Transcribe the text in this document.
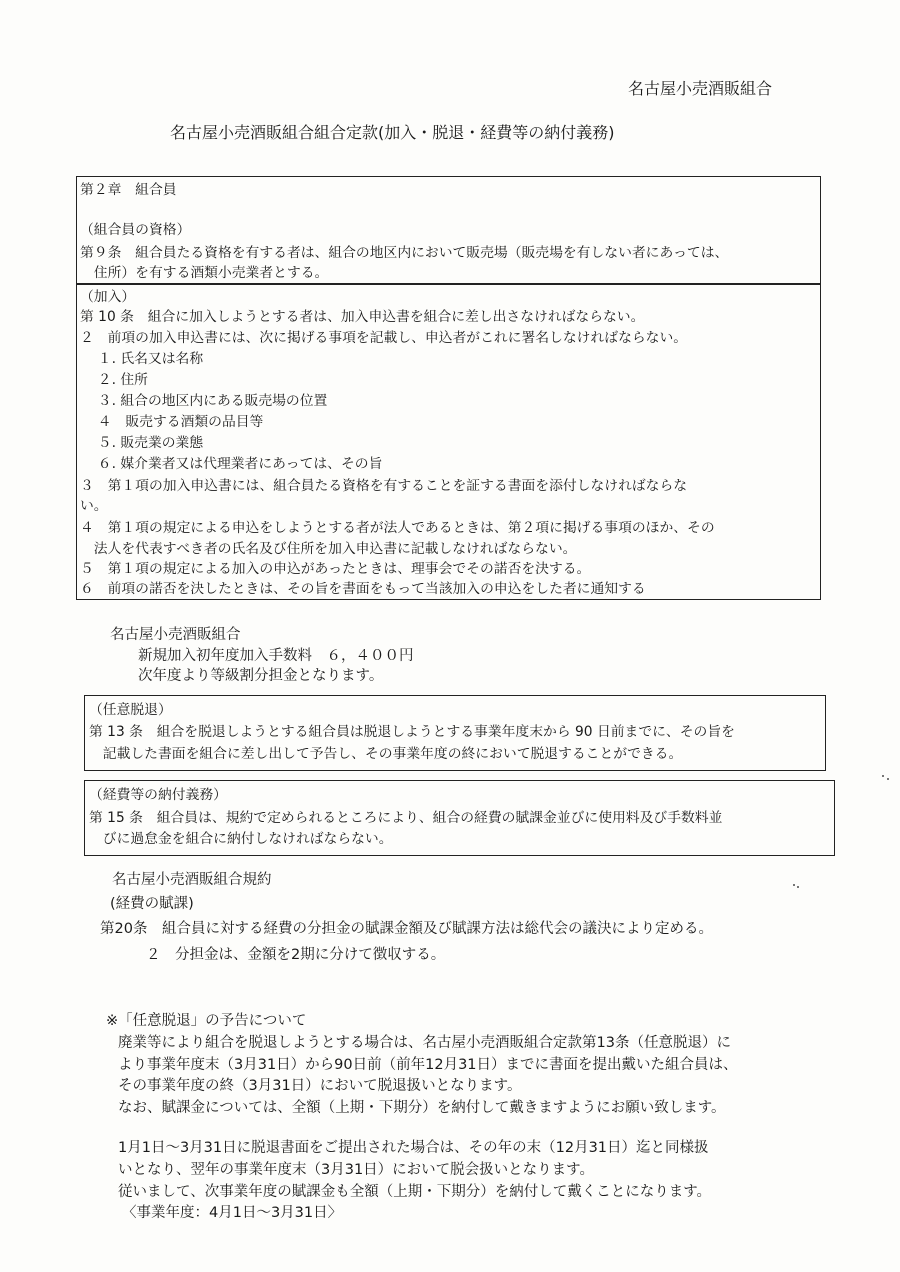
名古屋小売酒販組合
名古屋小売酒販組合組合定款(加入・脱退・経費等の納付義務)
第２章　組合員
（組合員の資格）
第９条　組合員たる資格を有する者は、組合の地区内において販売場（販売場を有しない者にあっては、
　住所）を有する酒類小売業者とする。
（加入）
第 10 条　組合に加入しようとする者は、加入申込書を組合に差し出さなければならない。
２　前項の加入申込書には、次に掲げる事項を記載し、申込者がこれに署名しなければならない。
　１. 氏名又は名称
　２. 住所
　３. 組合の地区内にある販売場の位置
　４　販売する酒類の品目等
　５. 販売業の業態
　６. 媒介業者又は代理業者にあっては、その旨
３　第１項の加入申込書には、組合員たる資格を有することを証する書面を添付しなければならな
い。
４　第１項の規定による申込をしようとする者が法人であるときは、第２項に掲げる事項のほか、その
　法人を代表すべき者の氏名及び住所を加入申込書に記載しなければならない。
５　第１項の規定による加入の申込があったときは、理事会でその諾否を決する。
６　前項の諾否を決したときは、その旨を書面をもって当該加入の申込をした者に通知する
名古屋小売酒販組合
新規加入初年度加入手数料　６，４００円
次年度より等級割分担金となります。
（任意脱退）
第 13 条　組合を脱退しようとする組合員は脱退しようとする事業年度末から 90 日前までに、その旨を
　記載した書面を組合に差し出して予告し、その事業年度の終において脱退することができる。
（経費等の納付義務）
第 15 条　組合員は、規約で定められるところにより、組合の経費の賦課金並びに使用料及び手数料並
　びに過怠金を組合に納付しなければならない。
名古屋小売酒販組合規約
(経費の賦課)
第20条　組合員に対する経費の分担金の賦課金額及び賦課方法は総代会の議決により定める。
２　分担金は、金額を2期に分けて徴収する。
※「任意脱退」の予告について
廃業等により組合を脱退しようとする場合は、名古屋小売酒販組合定款第13条（任意脱退）に
より事業年度末（3月31日）から90日前（前年12月31日）までに書面を提出戴いた組合員は、
その事業年度の終（3月31日）において脱退扱いとなります。
なお、賦課金については、全額（上期・下期分）を納付して戴きますようにお願い致します。
1月1日～3月31日に脱退書面をご提出された場合は、その年の末（12月31日）迄と同様扱
いとなり、翌年の事業年度末（3月31日）において脱会扱いとなります。
従いまして、次事業年度の賦課金も全額（上期・下期分）を納付して戴くことになります。
〈事業年度：4月1日～3月31日〉
